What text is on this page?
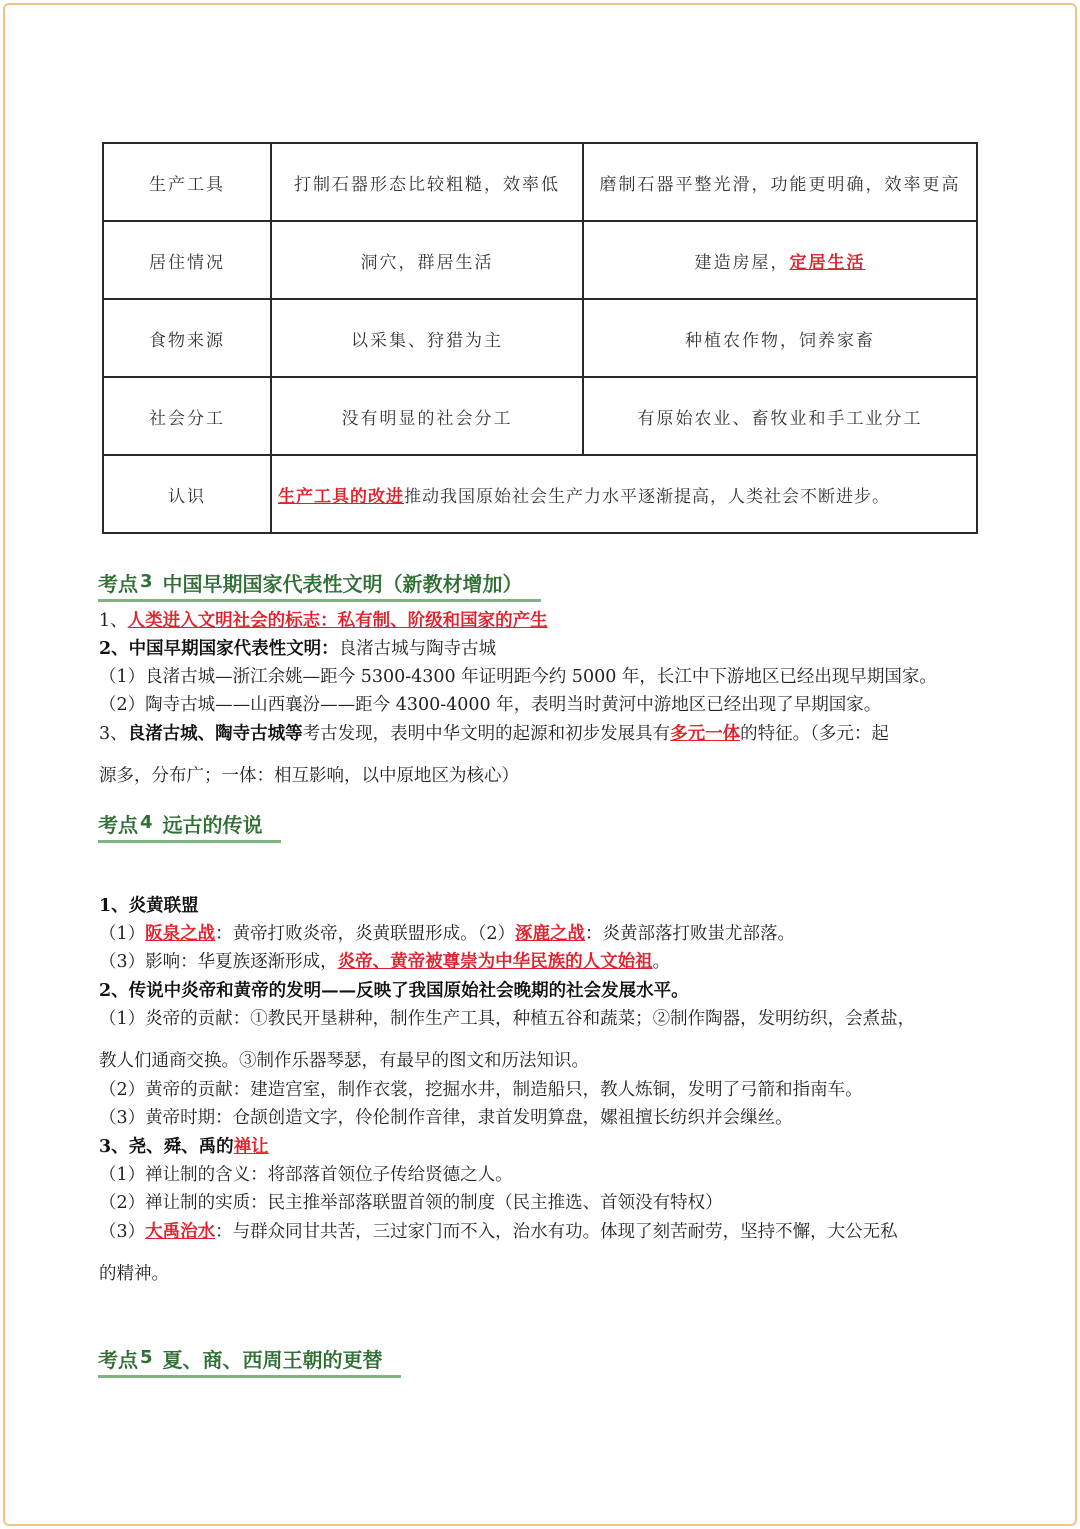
生产工具	打制石器形态比较粗糙，效率低	磨制石器平整光滑，功能更明确，效率更高
居住情况	洞穴，群居生活	建造房屋，定居生活
食物来源	以采集、狩猎为主	种植农作物，饲养家畜
社会分工	没有明显的社会分工	有原始农业、畜牧业和手工业分工
认识	生产工具的改进推动我国原始社会生产力水平逐渐提高，人类社会不断进步。	
考点 3 中国早期国家代表性文明（新教材增加）
1、人类进入文明社会的标志：私有制、阶级和国家的产生
2、中国早期国家代表性文明：良渚古城与陶寺古城
（1）良渚古城—浙江余姚—距今 5300-4300 年证明距今约 5000 年，长江中下游地区已经出现早期国家。
（2）陶寺古城——山西襄汾——距今 4300-4000 年，表明当时黄河中游地区已经出现了早期国家。
3、良渚古城、陶寺古城等考古发现，表明中华文明的起源和初步发展具有多元一体的特征。（多元：起
源多，分布广；一体：相互影响，以中原地区为核心）
考点 4 远古的传说
1、炎黄联盟
（1）阪泉之战：黄帝打败炎帝，炎黄联盟形成。（2）涿鹿之战：炎黄部落打败蚩尤部落。
（3）影响：华夏族逐渐形成，炎帝、黄帝被尊崇为中华民族的人文始祖。
2、传说中炎帝和黄帝的发明——反映了我国原始社会晚期的社会发展水平。
（1）炎帝的贡献：①教民开垦耕种，制作生产工具，种植五谷和蔬菜；②制作陶器，发明纺织，会煮盐，
教人们通商交换。③制作乐器琴瑟，有最早的图文和历法知识。
（2）黄帝的贡献：建造宫室，制作衣裳，挖掘水井，制造船只，教人炼铜，发明了弓箭和指南车。
（3）黄帝时期：仓颉创造文字，伶伦制作音律，隶首发明算盘，嫘祖擅长纺织并会缫丝。
3、尧、舜、禹的禅让
（1）禅让制的含义：将部落首领位子传给贤德之人。
（2）禅让制的实质：民主推举部落联盟首领的制度（民主推选、首领没有特权）
（3）大禹治水：与群众同甘共苦，三过家门而不入，治水有功。体现了刻苦耐劳，坚持不懈，大公无私
的精神。
考点 5 夏、商、西周王朝的更替
